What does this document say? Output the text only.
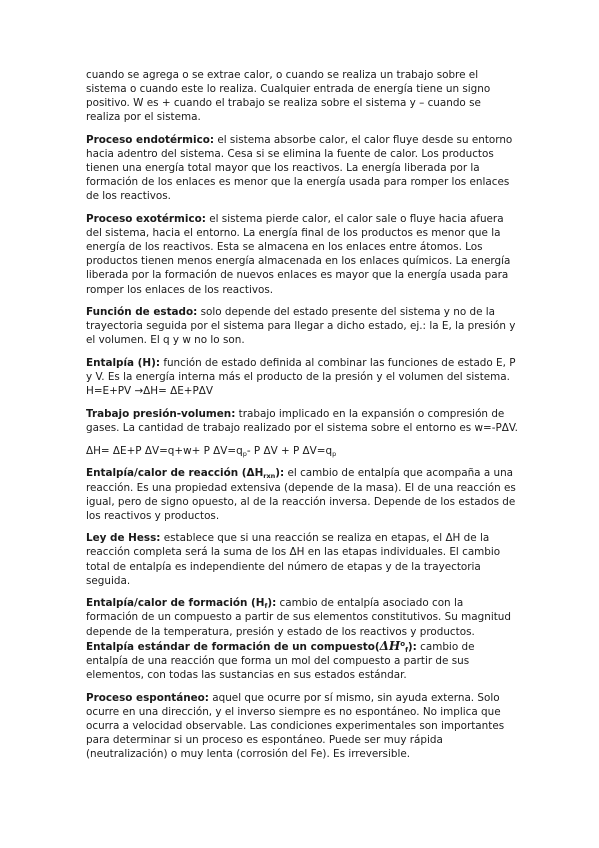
cuando se agrega o se extrae calor, o cuando se realiza un trabajo sobre el sistema o cuando este lo realiza. Cualquier entrada de energía tiene un signo positivo. W es + cuando el trabajo se realiza sobre el sistema y – cuando se realiza por el sistema.

Proceso endotérmico: el sistema absorbe calor, el calor fluye desde su entorno hacia adentro del sistema. Cesa si se elimina la fuente de calor. Los productos tienen una energía total mayor que los reactivos. La energía liberada por la formación de los enlaces es menor que la energía usada para romper los enlaces de los reactivos.

Proceso exotérmico: el sistema pierde calor, el calor sale o fluye hacia afuera del sistema, hacia el entorno. La energía final de los productos es menor que la energía de los reactivos. Esta se almacena en los enlaces entre átomos. Los productos tienen menos energía almacenada en los enlaces químicos. La energía liberada por la formación de nuevos enlaces es mayor que la energía usada para romper los enlaces de los reactivos.

Función de estado: solo depende del estado presente del sistema y no de la trayectoria seguida por el sistema para llegar a dicho estado, ej.: la E, la presión y el volumen. El q y w no lo son.

Entalpía (H): función de estado definida al combinar las funciones de estado E, P y V. Es la energía interna más el producto de la presión y el volumen del sistema. H=E+PV →ΔH= ΔE+PΔV

Trabajo presión-volumen: trabajo implicado en la expansión o compresión de gases. La cantidad de trabajo realizado por el sistema sobre el entorno es w=-PΔV.

ΔH= ΔE+P ΔV=q+w+ P $\Delta V=q_p-$ P ΔV + P $\Delta V=q_p$

Entalpía/calor de reacción $(\Delta H_{rxn})$: el cambio de entalpía que acompaña a una reacción. Es una propiedad extensiva (depende de la masa). El de una reacción es igual, pero de signo opuesto, al de la reacción inversa. Depende de los estados de los reactivos y productos.

Ley de Hess: establece que si una reacción se realiza en etapas, el ΔH de la reacción completa será la suma de los ΔH en las etapas individuales. El cambio total de entalpía es independiente del número de etapas y de la trayectoria seguida.

Entalpía/calor de formación $(H_f)$: cambio de entalpía asociado con la formación de un compuesto a partir de sus elementos constitutivos. Su magnitud depende de la temperatura, presión y estado de los reactivos y productos. Entalpía estándar de formación de un $compuesto(\Delta H^o_f)$: cambio de entalpía de una reacción que forma un mol del compuesto a partir de sus elementos, con todas las sustancias en sus estados estándar.

Proceso espontáneo: aquel que ocurre por sí mismo, sin ayuda externa. Solo ocurre en una dirección, y el inverso siempre es no espontáneo. No implica que ocurra a velocidad observable. Las condiciones experimentales son importantes para determinar si un proceso es espontáneo. Puede ser muy rápida (neutralización) o muy lenta (corrosión del Fe). Es irreversible.
